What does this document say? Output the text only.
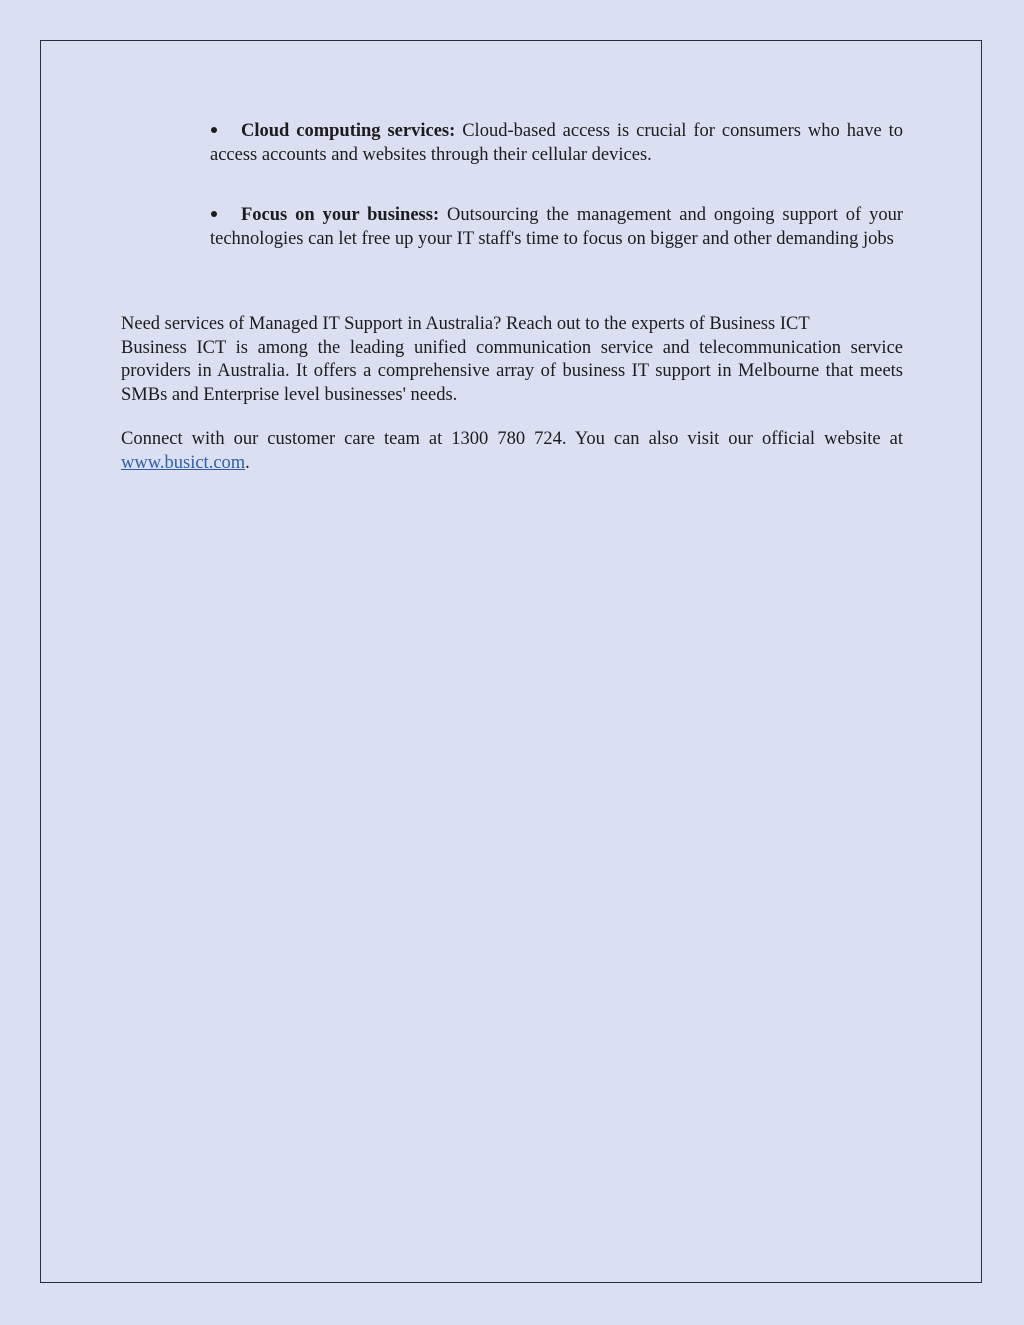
Cloud computing services: Cloud-based access is crucial for consumers who have to access accounts and websites through their cellular devices.
Focus on your business: Outsourcing the management and ongoing support of your technologies can let free up your IT staff's time to focus on bigger and other demanding jobs

Need services of Managed IT Support in Australia? Reach out to the experts of Business ICT
Business ICT is among the leading unified communication service and telecommunication service providers in Australia. It offers a comprehensive array of business IT support in Melbourne that meets SMBs and Enterprise level businesses' needs.

Connect with our customer care team at 1300 780 724. You can also visit our official website at www.busict.com.
